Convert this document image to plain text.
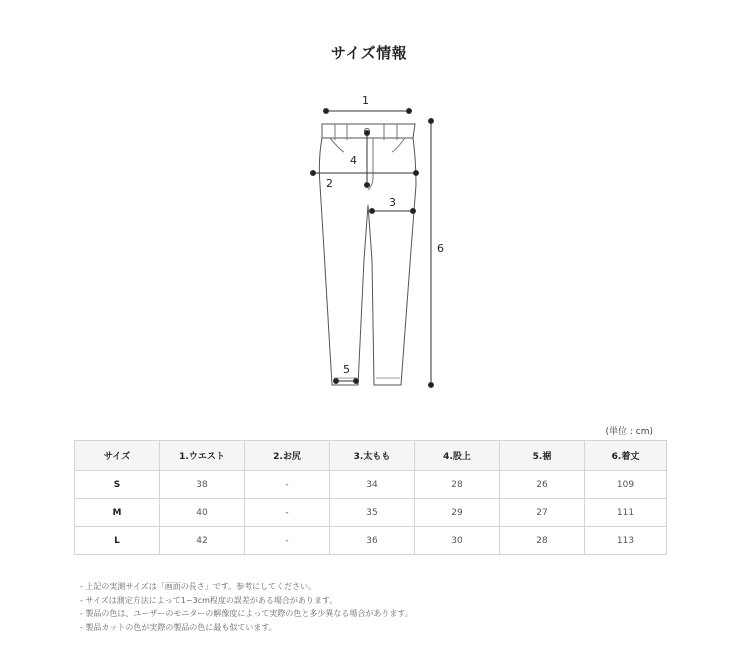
サイズ情報
1
2
3
4
5
6
(単位 : cm)
サイズ	1.ウエスト	2.お尻	3.太もも	4.股上	5.裾	6.着丈
S	38	-	34	28	26	109
M	40	-	35	29	27	111
L	42	-	36	30	28	113
- 上記の実測サイズは「画面の長さ」です。参考にしてください。
- サイズは測定方法によって1~3cm程度の誤差がある場合があります。
- 製品の色は、ユーザーのモニターの解像度によって実際の色と多少異なる場合があります。
- 製品カットの色が実際の製品の色に最も似ています。
